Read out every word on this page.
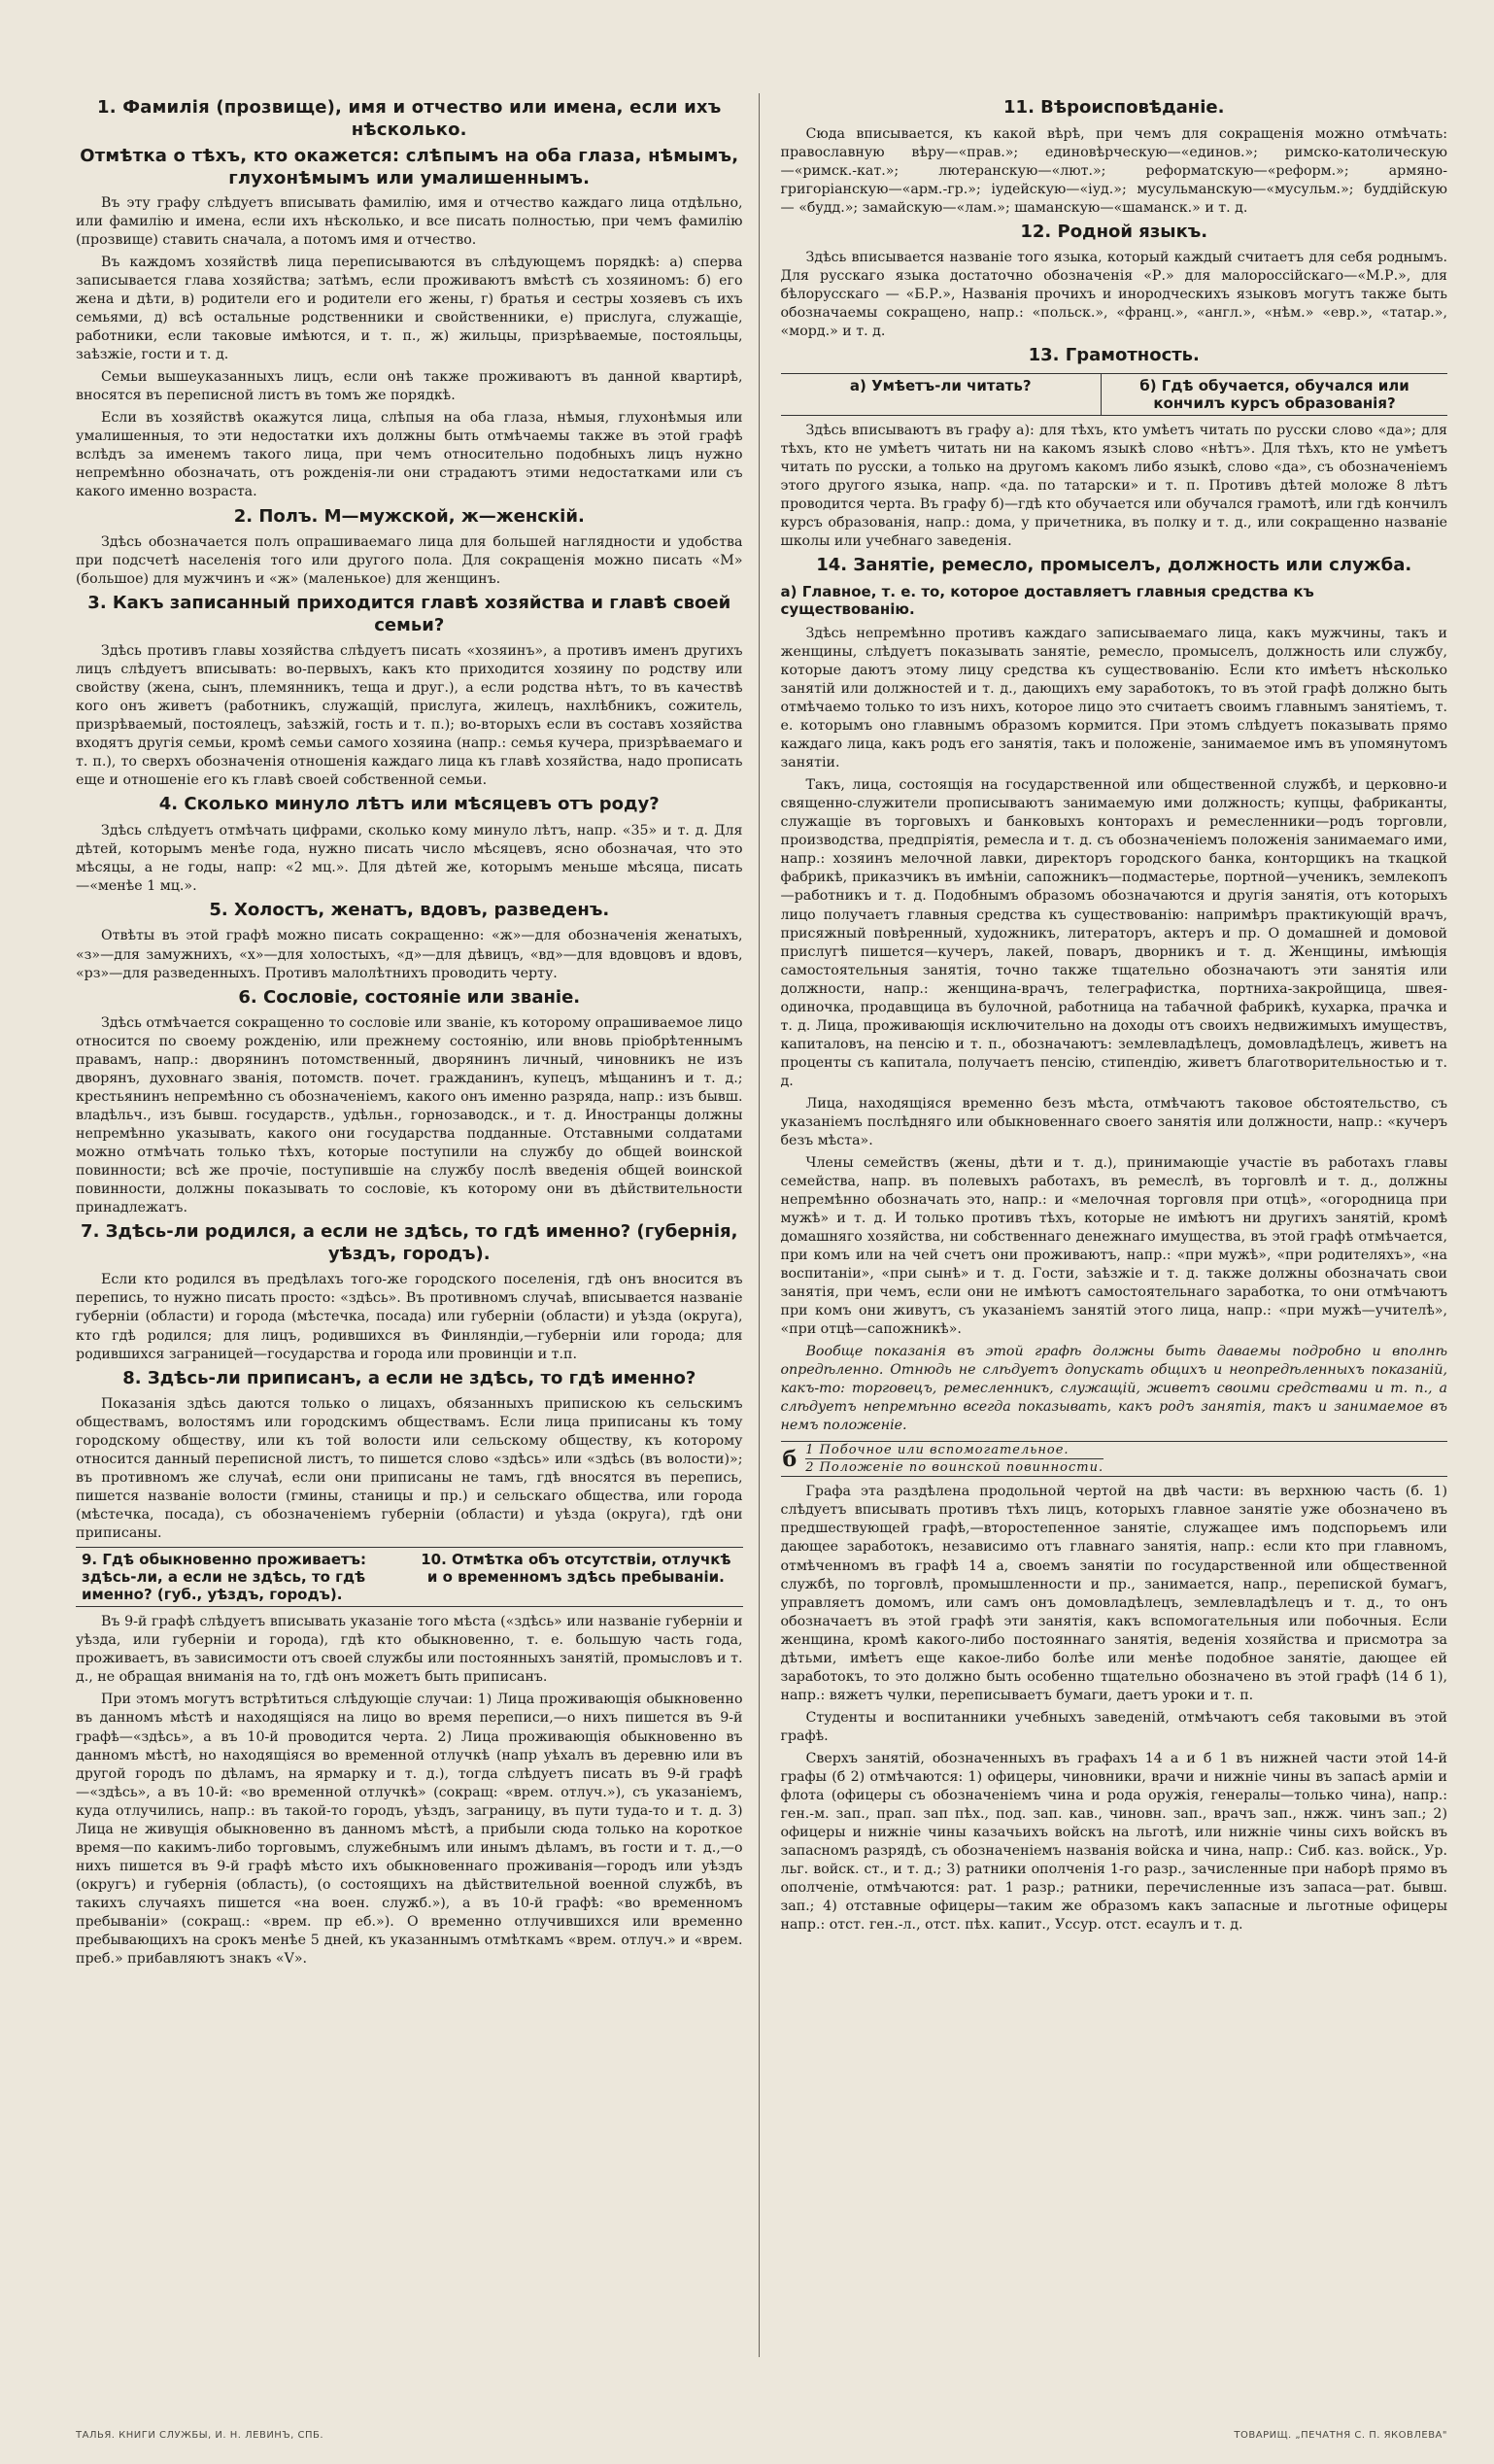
1. Фамилія (прозвище), имя и отчество или имена, если ихъ нѣсколько.
Отмѣтка о тѣхъ, кто окажется: слѣпымъ на оба глаза, нѣмымъ, глухонѣмымъ или умалишеннымъ.

Въ эту графу слѣдуетъ вписывать фамилію, имя и отчество каждаго лица отдѣльно, или фамилію и имена, если ихъ нѣсколько, и все писать полностью, при чемъ фамилію (прозвище) ставить сначала, а потомъ имя и отчество.

Въ каждомъ хозяйствѣ лица переписываются въ слѣдующемъ порядкѣ: а) сперва записывается глава хозяйства; затѣмъ, если проживаютъ вмѣстѣ съ хозяиномъ: б) его жена и дѣти, в) родители его и родители его жены, г) братья и сестры хозяевъ съ ихъ семьями, д) всѣ остальные родственники и свойственники, е) прислуга, служащіе, работники, если таковые имѣются, и т. п., ж) жильцы, призрѣваемые, постояльцы, заѣзжіе, гости и т. д.

Семьи вышеуказанныхъ лицъ, если онѣ также проживаютъ въ данной квартирѣ, вносятся въ переписной листъ въ томъ же порядкѣ.

Если въ хозяйствѣ окажутся лица, слѣпыя на оба глаза, нѣмыя, глухонѣмыя или умалишенныя, то эти недостатки ихъ должны быть отмѣчаемы также въ этой графѣ вслѣдъ за именемъ такого лица, при чемъ относительно подобныхъ лицъ нужно непремѣнно обозначать, отъ рожденія-ли они страдаютъ этими недостатками или съ какого именно возраста.

2. Полъ. М—мужской, ж—женскій.

Здѣсь обозначается полъ опрашиваемаго лица для большей наглядности и удобства при подсчетѣ населенія того или другого пола. Для сокращенія можно писать «М» (большое) для мужчинъ и «ж» (маленькое) для женщинъ.

3. Какъ записанный приходится главѣ хозяйства и главѣ своей семьи?

Здѣсь противъ главы хозяйства слѣдуетъ писать «хозяинъ», а противъ именъ другихъ лицъ слѣдуетъ вписывать: во-первыхъ, какъ кто приходится хозяину по родству или свойству (жена, сынъ, племянникъ, теща и друг.), а если родства нѣтъ, то въ качествѣ кого онъ живетъ (работникъ, служащій, прислуга, жилецъ, нахлѣбникъ, сожитель, призрѣваемый, постоялецъ, заѣзжій, гость и т. п.); во-вторыхъ если въ составъ хозяйства входятъ другія семьи, кромѣ семьи самого хозяина (напр.: семья кучера, призрѣваемаго и т. п.), то сверхъ обозначенія отношенія каждаго лица къ главѣ хозяйства, надо прописать еще и отношеніе его къ главѣ своей собственной семьи.

4. Сколько минуло лѣтъ или мѣсяцевъ отъ роду?

Здѣсь слѣдуетъ отмѣчать цифрами, сколько кому минуло лѣтъ, напр. «35» и т. д. Для дѣтей, которымъ менѣе года, нужно писать число мѣсяцевъ, ясно обозначая, что это мѣсяцы, а не годы, напр: «2 мц.». Для дѣтей же, которымъ меньше мѣсяца, писать—«менѣе 1 мц.».

5. Холостъ, женатъ, вдовъ, разведенъ.

Отвѣты въ этой графѣ можно писать сокращенно: «ж»—для обозначенія женатыхъ, «з»—для замужнихъ, «х»—для холостыхъ, «д»—для дѣвицъ, «вд»—для вдовцовъ и вдовъ, «рз»—для разведенныхъ. Противъ малолѣтнихъ проводить черту.

6. Сословіе, состояніе или званіе.

Здѣсь отмѣчается сокращенно то сословіе или званіе, къ которому опрашиваемое лицо относится по своему рожденію, или прежнему состоянію, или вновь пріобрѣтеннымъ правамъ, напр.: дворянинъ потомственный, дворянинъ личный, чиновникъ не изъ дворянъ, духовнаго званія, потомств. почет. гражданинъ, купецъ, мѣщанинъ и т. д.; крестьянинъ непремѣнно съ обозначеніемъ, какого онъ именно разряда, напр.: изъ бывш. владѣльч., изъ бывш. государств., удѣльн., горнозаводск., и т. д. Иностранцы должны непремѣнно указывать, какого они государства подданные. Отставными солдатами можно отмѣчать только тѣхъ, которые поступили на службу до общей воинской повинности; всѣ же прочіе, поступившіе на службу послѣ введенія общей воинской повинности, должны показывать то сословіе, къ которому они въ дѣйствительности принадлежатъ.

7. Здѣсь-ли родился, а если не здѣсь, то гдѣ именно? (губернія, уѣздъ, городъ).

Если кто родился въ предѣлахъ того-же городского поселенія, гдѣ онъ вносится въ перепись, то нужно писать просто: «здѣсь». Въ противномъ случаѣ, вписывается названіе губерніи (области) и города (мѣстечка, посада) или губерніи (области) и уѣзда (округа), кто гдѣ родился; для лицъ, родившихся въ Финляндіи,—губерніи или города; для родившихся заграницей—государства и города или провинціи и т.п.

8. Здѣсь-ли приписанъ, а если не здѣсь, то гдѣ именно?

Показанія здѣсь даются только о лицахъ, обязанныхъ припискою къ сельскимъ обществамъ, волостямъ или городскимъ обществамъ. Если лица приписаны къ тому городскому обществу, или къ той волости или сельскому обществу, къ которому относится данный переписной листъ, то пишется слово «здѣсь» или «здѣсь (въ волости)»; въ противномъ же случаѣ, если они приписаны не тамъ, гдѣ вносятся въ перепись, пишется названіе волости (гмины, станицы и пр.) и сельскаго общества, или города (мѣстечка, посада), съ обозначеніемъ губерніи (области) и уѣзда (округа), гдѣ они приписаны.

9. Гдѣ обыкновенно проживаетъ: здѣсь-ли, а если не здѣсь, то гдѣ именно? (губ., уѣздъ, городъ).
10. Отмѣтка объ отсутствіи, отлучкѣ и о временномъ здѣсь пребываніи.

Въ 9-й графѣ слѣдуетъ вписывать указаніе того мѣста («здѣсь» или названіе губерніи и уѣзда, или губерніи и города), гдѣ кто обыкновенно, т. е. большую часть года, проживаетъ, въ зависимости отъ своей службы или постоянныхъ занятій, промысловъ и т. д., не обращая вниманія на то, гдѣ онъ можетъ быть приписанъ.

При этомъ могутъ встрѣтиться слѣдующіе случаи: 1) Лица проживающія обыкновенно въ данномъ мѣстѣ и находящіяся на лицо во время переписи,—о нихъ пишется въ 9-й графѣ—«здѣсь», а въ 10-й проводится черта. 2) Лица проживающія обыкновенно въ данномъ мѣстѣ, но находящіяся во временной отлучкѣ (напр уѣхалъ въ деревню или въ другой городъ по дѣламъ, на ярмарку и т. д.), тогда слѣдуетъ писать въ 9-й графѣ—«здѣсь», а въ 10-й: «во временной отлучкѣ» (сокращ: «врем. отлуч.»), съ указаніемъ, куда отлучились, напр.: въ такой-то городъ, уѣздъ, заграницу, въ пути туда-то и т. д. 3) Лица не живущія обыкновенно въ данномъ мѣстѣ, а прибыли сюда только на короткое время—по какимъ-либо торговымъ, служебнымъ или инымъ дѣламъ, въ гости и т. д.,—о нихъ пишется въ 9-й графѣ мѣсто ихъ обыкновеннаго проживанія—городъ или уѣздъ (округъ) и губернія (область), (о состоящихъ на дѣйствительной военной службѣ, въ такихъ случаяхъ пишется «на воен. служб.»), а въ 10-й графѣ: «во временномъ пребываніи» (сокращ.: «врем. пр еб.»). О временно отлучившихся или временно пребывающихъ на срокъ менѣе 5 дней, къ указаннымъ отмѣткамъ «врем. отлуч.» и «врем. преб.» прибавляютъ знакъ «V».

11. Вѣроисповѣданіе.

Сюда вписывается, къ какой вѣрѣ, при чемъ для сокращенія можно отмѣчать: православную вѣру—«прав.»; единовѣрческую—«единов.»; римско-католическую—«римск.-кат.»; лютеранскую—«лют.»; реформатскую—«реформ.»; армяно-григоріанскую—«арм.-гр.»; іудейскую—«іуд.»; мусульманскую—«мусульм.»; буддійскую — «будд.»; замайскую—«лам.»; шаманскую—«шаманск.» и т. д.

12. Родной языкъ.

Здѣсь вписывается названіе того языка, который каждый считаетъ для себя роднымъ. Для русскаго языка достаточно обозначенія «Р.» для малороссійскаго—«М.Р.», для бѣлорусскаго — «Б.Р.», Названія прочихъ и инородческихъ языковъ могутъ также быть обозначаемы сокращено, напр.: «польск.», «франц.», «англ.», «нѣм.» «евр.», «татар.», «морд.» и т. д.

13. Грамотность.
а) Умѣетъ-ли читать?	б) Гдѣ обучается, обучался или кончилъ курсъ образованія?

Здѣсь вписываютъ въ графу а): для тѣхъ, кто умѣетъ читать по русски слово «да»; для тѣхъ, кто не умѣетъ читать ни на какомъ языкѣ слово «нѣтъ». Для тѣхъ, кто не умѣетъ читать по русски, а только на другомъ какомъ либо языкѣ, слово «да», съ обозначеніемъ этого другого языка, напр. «да. по татарски» и т. п. Противъ дѣтей моложе 8 лѣтъ проводится черта. Въ графу б)—гдѣ кто обучается или обучался грамотѣ, или гдѣ кончилъ курсъ образованія, напр.: дома, у причетника, въ полку и т. д., или сокращенно названіе школы или учебнаго заведенія.

14. Занятіе, ремесло, промыселъ, должность или служба.
а) Главное, т. е. то, которое доставляетъ главныя средства къ существованію.

Здѣсь непремѣнно противъ каждаго записываемаго лица, какъ мужчины, такъ и женщины, слѣдуетъ показывать занятіе, ремесло, промыселъ, должность или службу, которые даютъ этому лицу средства къ существованію. Если кто имѣетъ нѣсколько занятій или должностей и т. д., дающихъ ему заработокъ, то въ этой графѣ должно быть отмѣчаемо только то изъ нихъ, которое лицо это считаетъ своимъ главнымъ занятіемъ, т. е. которымъ оно главнымъ образомъ кормится. При этомъ слѣдуетъ показывать прямо каждаго лица, какъ родъ его занятія, такъ и положеніе, занимаемое имъ въ упомянутомъ занятіи.

Такъ, лица, состоящія на государственной или общественной службѣ, и церковно-и священно-служители прописываютъ занимаемую ими должность; купцы, фабриканты, служащіе въ торговыхъ и банковыхъ конторахъ и ремесленники—родъ торговли, производства, предпріятія, ремесла и т. д. съ обозначеніемъ положенія занимаемаго ими, напр.: хозяинъ мелочной лавки, директоръ городского банка, конторщикъ на ткацкой фабрикѣ, приказчикъ въ имѣніи, сапожникъ—подмастерье, портной—ученикъ, землекопъ—работникъ и т. д. Подобнымъ образомъ обозначаются и другія занятія, отъ которыхъ лицо получаетъ главныя средства къ существованію: напримѣръ практикующій врачъ, присяжный повѣренный, художникъ, литераторъ, актеръ и пр. О домашней и домовой прислугѣ пишется—кучеръ, лакей, поваръ, дворникъ и т. д. Женщины, имѣющія самостоятельныя занятія, точно также тщательно обозначаютъ эти занятія или должности, напр.: женщина-врачъ, телеграфистка, портниха-закройщица, швея-одиночка, продавщица въ булочной, работница на табачной фабрикѣ, кухарка, прачка и т. д. Лица, проживающія исключительно на доходы отъ своихъ недвижимыхъ имуществъ, капиталовъ, на пенсію и т. п., обозначаютъ: землевладѣлецъ, домовладѣлецъ, живетъ на проценты съ капитала, получаетъ пенсію, стипендію, живетъ благотворительностью и т. д.

Лица, находящіяся временно безъ мѣста, отмѣчаютъ таковое обстоятельство, съ указаніемъ послѣдняго или обыкновеннаго своего занятія или должности, напр.: «кучеръ безъ мѣста».

Члены семействъ (жены, дѣти и т. д.), принимающіе участіе въ работахъ главы семейства, напр. въ полевыхъ работахъ, въ ремеслѣ, въ торговлѣ и т. д., должны непремѣнно обозначать это, напр.: и «мелочная торговля при отцѣ», «огородница при мужѣ» и т. д. И только противъ тѣхъ, которые не имѣютъ ни другихъ занятій, кромѣ домашняго хозяйства, ни собственнаго денежнаго имущества, въ этой графѣ отмѣчается, при комъ или на чей счетъ они проживаютъ, напр.: «при мужѣ», «при родителяхъ», «на воспитаніи», «при сынѣ» и т. д. Гости, заѣзжіе и т. д. также должны обозначать свои занятія, при чемъ, если они не имѣютъ самостоятельнаго заработка, то они отмѣчаютъ при комъ они живутъ, съ указаніемъ занятій этого лица, напр.: «при мужѣ—учителѣ», «при отцѣ—сапожникѣ».

Вообще показанія въ этой графѣ должны быть даваемы подробно и вполнѣ опредѣленно. Отнюдь не слѣдуетъ допускать общихъ и неопредѣленныхъ показаній, какъ-то: торговецъ, ремесленникъ, служащій, живетъ своими средствами и т. п., а слѣдуетъ непремѣнно всегда показывать, какъ родъ занятія, такъ и занимаемое въ немъ положеніе.

б 1 Побочное или вспомогательное.
2 Положеніе по воинской повинности.

Графа эта раздѣлена продольной чертой на двѣ части: въ верхнюю часть (б. 1) слѣдуетъ вписывать противъ тѣхъ лицъ, которыхъ главное занятіе уже обозначено въ предшествующей графѣ,—второстепенное занятіе, служащее имъ подспорьемъ или дающее заработокъ, независимо отъ главнаго занятія, напр.: если кто при главномъ, отмѣченномъ въ графѣ 14 а, своемъ занятіи по государственной или общественной службѣ, по торговлѣ, промышленности и пр., занимается, напр., перепиской бумагъ, управляетъ домомъ, или самъ онъ домовладѣлецъ, землевладѣлецъ и т. д., то онъ обозначаетъ въ этой графѣ эти занятія, какъ вспомогательныя или побочныя. Если женщина, кромѣ какого-либо постояннаго занятія, веденія хозяйства и присмотра за дѣтьми, имѣетъ еще какое-либо болѣе или менѣе подобное занятіе, дающее ей заработокъ, то это должно быть особенно тщательно обозначено въ этой графѣ (14 б 1), напр.: вяжетъ чулки, переписываетъ бумаги, даетъ уроки и т. п.

Студенты и воспитанники учебныхъ заведеній, отмѣчаютъ себя таковыми въ этой графѣ.

Сверхъ занятій, обозначенныхъ въ графахъ 14 а и б 1 въ нижней части этой 14-й графы (б 2) отмѣчаются: 1) офицеры, чиновники, врачи и нижніе чины въ запасѣ арміи и флота (офицеры съ обозначеніемъ чина и рода оружія, генералы—только чина), напр.: ген.-м. зап., прап. зап пѣх., под. зап. кав., чиновн. зап., врачъ зап., нжж. чинъ зап.; 2) офицеры и нижніе чины казачьихъ войскъ на льготѣ, или нижніе чины сихъ войскъ въ запасномъ разрядѣ, съ обозначеніемъ названія войска и чина, напр.: Сиб. каз. войск., Ур. льг. войск. ст., и т. д.; 3) ратники ополченія 1-го разр., зачисленные при наборѣ прямо въ ополченіе, отмѣчаются: рат. 1 разр.; ратники, перечисленные изъ запаса—рат. бывш. зап.; 4) отставные офицеры—таким же образомъ какъ запасные и льготные офицеры напр.: отст. ген.-л., отст. пѣх. капит., Уссур. отст. есаулъ и т. д.

ТАЛЬЯ. КНИГИ СЛУЖБЫ, И. Н. ЛЕВИНЪ, СПБ.	ТОВАРИЩ. „ПЕЧАТНЯ С. П. ЯКОВЛЕВА"
